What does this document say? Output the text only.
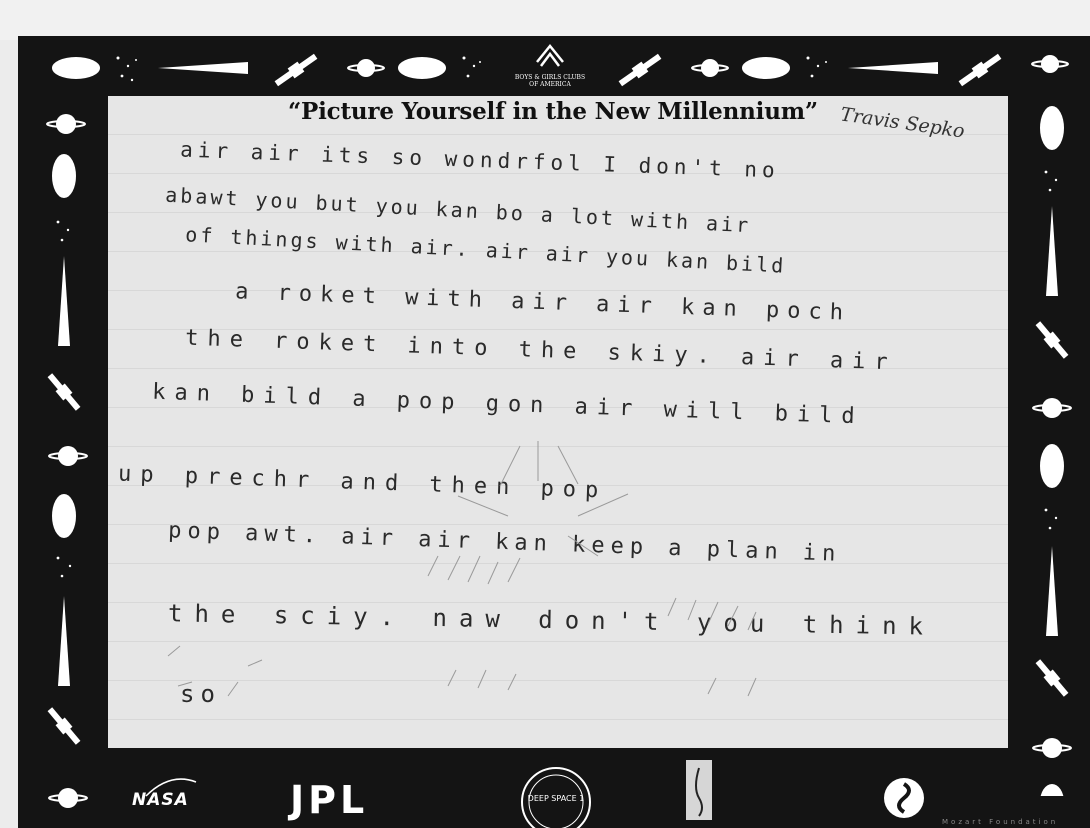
BOYS & GIRLS CLUBS
OF AMERICA
“Picture Yourself in the New Millennium” Travis Sepko
air air its so wondrfol I don't no
abawt you but you kan bo a lot with air
of things with air. air air you kan bild
a roket with air air kan poch
the roket into the skiy. air air
kan bild a pop gon air will bild
up prechr and then pop
pop awt. air air kan keep a plan in
the sciy. naw don't you think
so
NASA	JPL	DEEP SPACE 1
Mozart Foundation
